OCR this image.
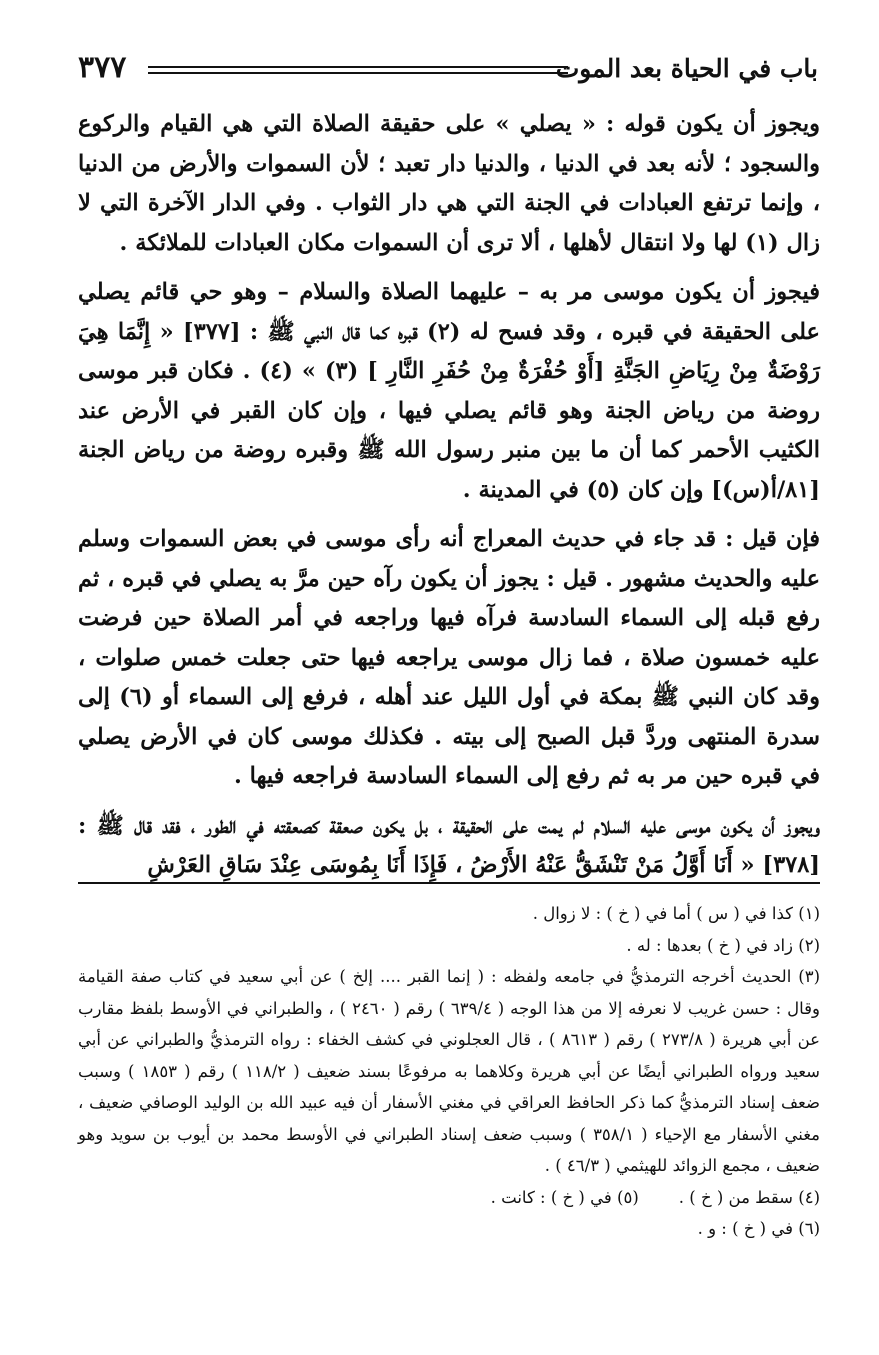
باب في الحياة بعد الموت
٣٧٧

ويجوز أن يكون قوله : « يصلي » على حقيقة الصلاة التي هي القيام والركوع والسجود ؛ لأنه بعد في الدنيا ، والدنيا دار تعبد ؛ لأن السموات والأرض من الدنيا ، وإنما ترتفع العبادات في الجنة التي هي دار الثواب . وفي الدار الآخرة التي لا زال (١) لها ولا انتقال لأهلها ، ألا ترى أن السموات مكان العبادات للملائكة .

فيجوز أن يكون موسى مر به – عليهما الصلاة والسلام – وهو حي قائم يصلي على الحقيقة في قبره ، وقد فسح له (٢) قبره كما قال النبي ﷺ : [٣٧٧] « إِنَّمَا هِيَ رَوْضَةٌ مِنْ رِيَاضِ الجَنَّةِ [أَوْ حُفْرَةٌ مِنْ حُفَرِ النَّارِ ] (٣) » (٤) . فكان قبر موسى روضة من رياض الجنة وهو قائم يصلي فيها ، وإن كان القبر في الأرض عند الكثيب الأحمر كما أن ما بين منبر رسول الله ﷺ وقبره روضة من رياض الجنة [٨١/أ(س)] وإن كان (٥) في المدينة .

فإن قيل : قد جاء في حديث المعراج أنه رأى موسى في بعض السموات وسلم عليه والحديث مشهور . قيل : يجوز أن يكون رآه حين مرَّ به يصلي في قبره ، ثم رفع قبله إلى السماء السادسة فرآه فيها وراجعه في أمر الصلاة حين فرضت عليه خمسون صلاة ، فما زال موسى يراجعه فيها حتى جعلت خمس صلوات ، وقد كان النبي ﷺ بمكة في أول الليل عند أهله ، فرفع إلى السماء أو (٦) إلى سدرة المنتهى وردَّ قبل الصبح إلى بيته . فكذلك موسى كان في الأرض يصلي في قبره حين مر به ثم رفع إلى السماء السادسة فراجعه فيها .

ويجوز أن يكون موسى عليه السلام لم يمت على الحقيقة ، بل يكون صعقة كصعقته في الطور ، فقد قال ﷺ : [٣٧٨] « أَنَا أَوَّلُ مَنْ تَنْشَقُّ عَنْهُ الأَرْضُ ، فَإِذَا أَنَا بِمُوسَى عِنْدَ سَاقِ العَرْشِ

(١) كذا في ( س ) أما في ( خ ) : لا زوال .

(٢) زاد في ( خ ) بعدها : له .

(٣) الحديث أخرجه الترمذيُّ في جامعه ولفظه : ( إنما القبر .... إلخ ) عن أبي سعيد في كتاب صفة القيامة وقال : حسن غريب لا نعرفه إلا من هذا الوجه ( ٦٣٩/٤ ) رقم ( ٢٤٦٠ ) ، والطبراني في الأوسط بلفظ مقارب عن أبي هريرة ( ٢٧٣/٨ ) رقم ( ٨٦١٣ ) ، قال العجلوني في كشف الخفاء : رواه الترمذيُّ والطبراني عن أبي سعيد ورواه الطبراني أيضًا عن أبي هريرة وكلاهما به مرفوعًا بسند ضعيف ( ١١٨/٢ ) رقم ( ١٨٥٣ ) وسبب ضعف إسناد الترمذيُّ كما ذكر الحافظ العراقي في مغني الأسفار أن فيه عبيد الله بن الوليد الوصافي ضعيف ، مغني الأسفار مع الإحياء ( ٣٥٨/١ ) وسبب ضعف إسناد الطبراني في الأوسط محمد بن أيوب بن سويد وهو ضعيف ، مجمع الزوائد للهيثمي ( ٤٦/٣ ) .

(٤) سقط من ( خ ) .

(٥) في ( خ ) : كانت .

(٦) في ( خ ) : و .
